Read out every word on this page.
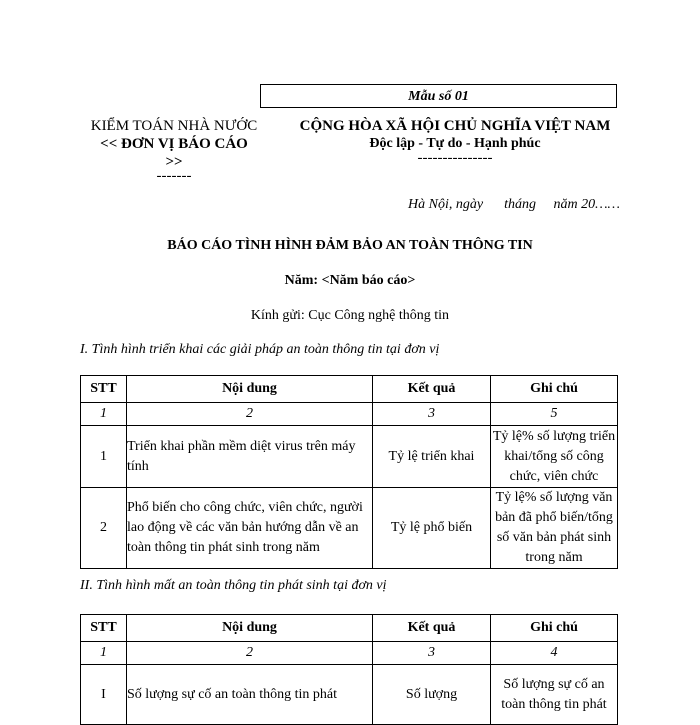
Mẫu số 01
KIỂM TOÁN NHÀ NƯỚC
<< ĐƠN VỊ BÁO CÁO
>>
-------
CỘNG HÒA XÃ HỘI CHỦ NGHĨA VIỆT NAM
Độc lập - Tự do - Hạnh phúc
---------------
Hà Nội, ngày      tháng     năm 20……
BÁO CÁO TÌNH HÌNH ĐẢM BẢO AN TOÀN THÔNG TIN
Năm: <Năm báo cáo>
Kính gửi: Cục Công nghệ thông tin
I. Tình hình triển khai các giải pháp an toàn thông tin tại đơn vị
STT	Nội dung	Kết quả	Ghi chú
1	2	3	5
1	Triển khai phần mềm diệt virus trên máy tính	Tỷ lệ triển khai	Tỷ lệ% số lượng triển khai/tổng số công chức, viên chức
2	Phổ biến cho công chức, viên chức, người lao động về các văn bản hướng dẫn về an toàn thông tin phát sinh trong năm	Tỷ lệ phổ biến	Tỷ lệ% số lượng văn bản đã phổ biến/tổng số văn bản phát sinh trong năm
II. Tình hình mất an toàn thông tin phát sinh tại đơn vị
STT	Nội dung	Kết quả	Ghi chú
1	2	3	4
I	Số lượng sự cố an toàn thông tin phát	Số lượng	Số lượng sự cố an toàn thông tin phát
